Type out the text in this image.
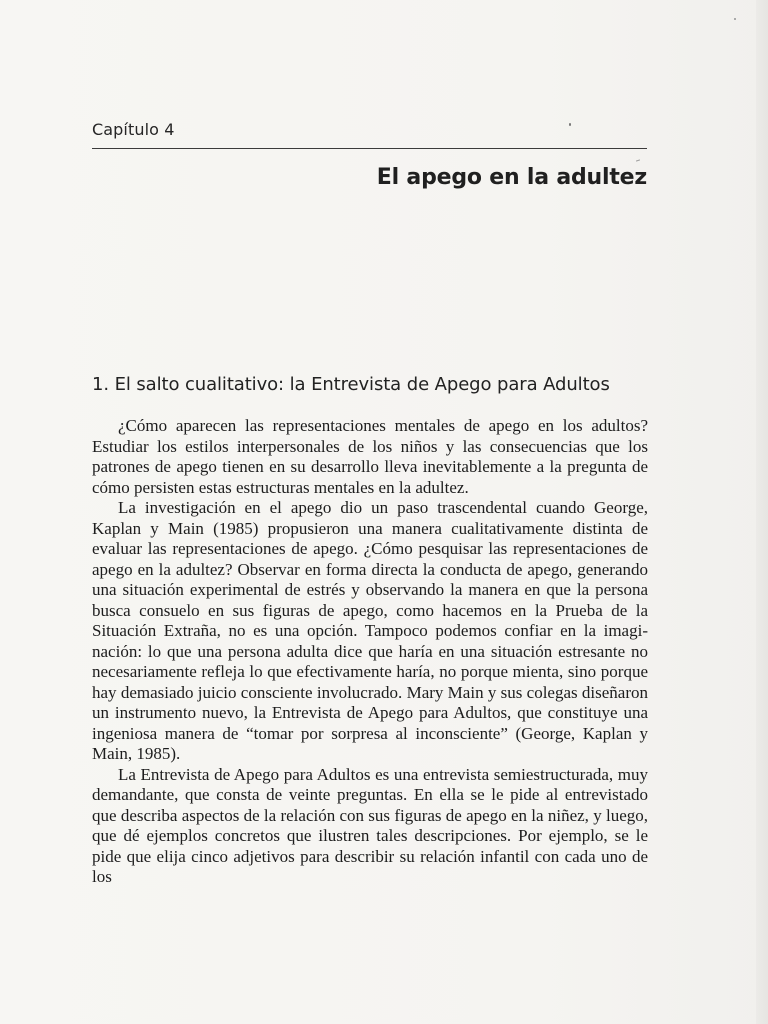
Capítulo 4
El apego en la adultez
1. El salto cualitativo: la Entrevista de Apego para Adultos

¿Cómo aparecen las representaciones mentales de apego en los adultos? Estudiar los estilos interpersonales de los niños y las consecuencias que los patrones de apego tienen en su desarrollo lleva inevitablemente a la pregunta de cómo persisten estas estructuras mentales en la adultez.

La investigación en el apego dio un paso trascendental cuando George, Kaplan y Main (1985) propusieron una manera cualitativamente distinta de evaluar las representaciones de apego. ¿Cómo pesquisar las representaciones de apego en la adultez? Observar en forma directa la conducta de apego, generando una situación experimental de estrés y observando la manera en que la persona busca consuelo en sus figuras de apego, como hacemos en la Prueba de la Situación Extraña, no es una opción. Tampoco podemos confiar en la imaginación: lo que una persona adulta dice que haría en una situación estresante no necesariamente refleja lo que efectivamente haría, no porque mienta, sino porque hay demasiado juicio consciente involucrado. Mary Main y sus colegas diseñaron un instrumento nuevo, la Entrevista de Apego para Adultos, que constituye una ingeniosa manera de “tomar por sorpresa al inconsciente” (George, Kaplan y Main, 1985).

La Entrevista de Apego para Adultos es una entrevista semiestructurada, muy demandante, que consta de veinte preguntas. En ella se le pide al entrevistado que describa aspectos de la relación con sus figuras de apego en la niñez, y luego, que dé ejemplos concretos que ilustren tales descripciones. Por ejemplo, se le pide que elija cinco adjetivos para describir su relación infantil con cada uno de los
